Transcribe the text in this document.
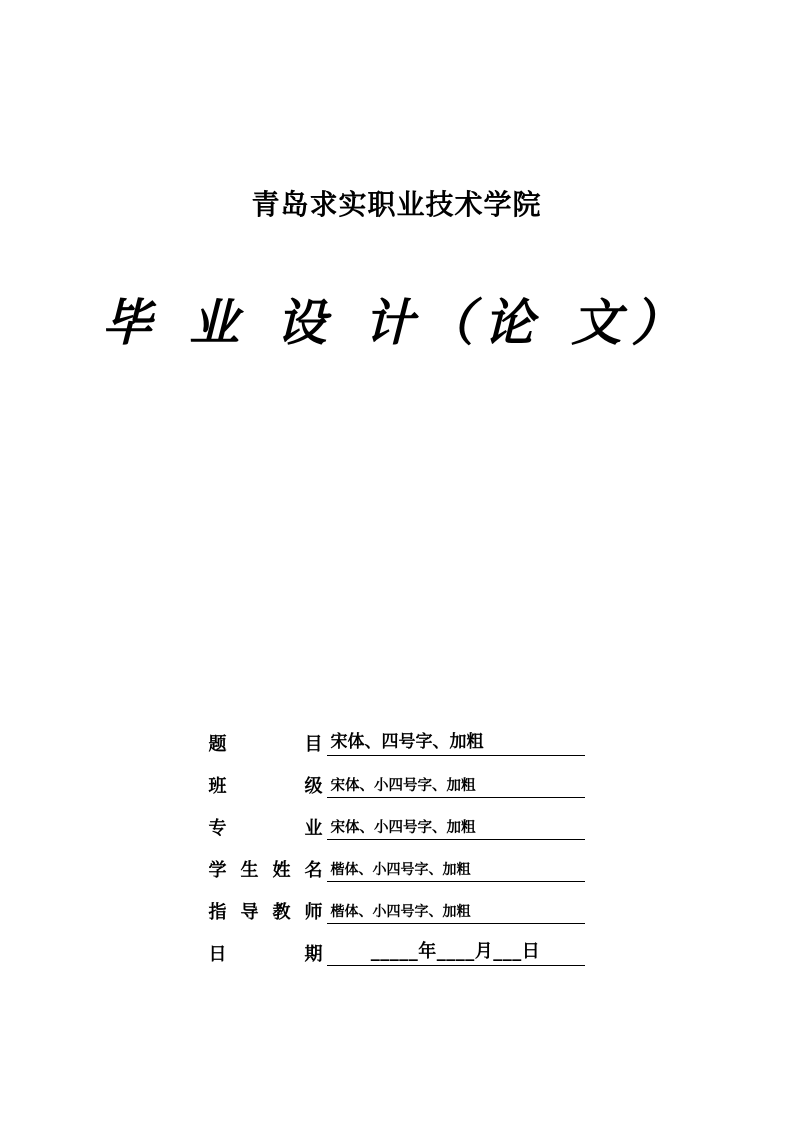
青岛求实职业技术学院
毕 业 设 计（论 文）
题 目 宋体、四号字、加粗
班 级 宋体、小四号字、加粗
专 业 宋体、小四号字、加粗
学 生 姓 名 楷体、小四号字、加粗
指 导 教 师 楷体、小四号字、加粗
日 期	_____年____月___日
